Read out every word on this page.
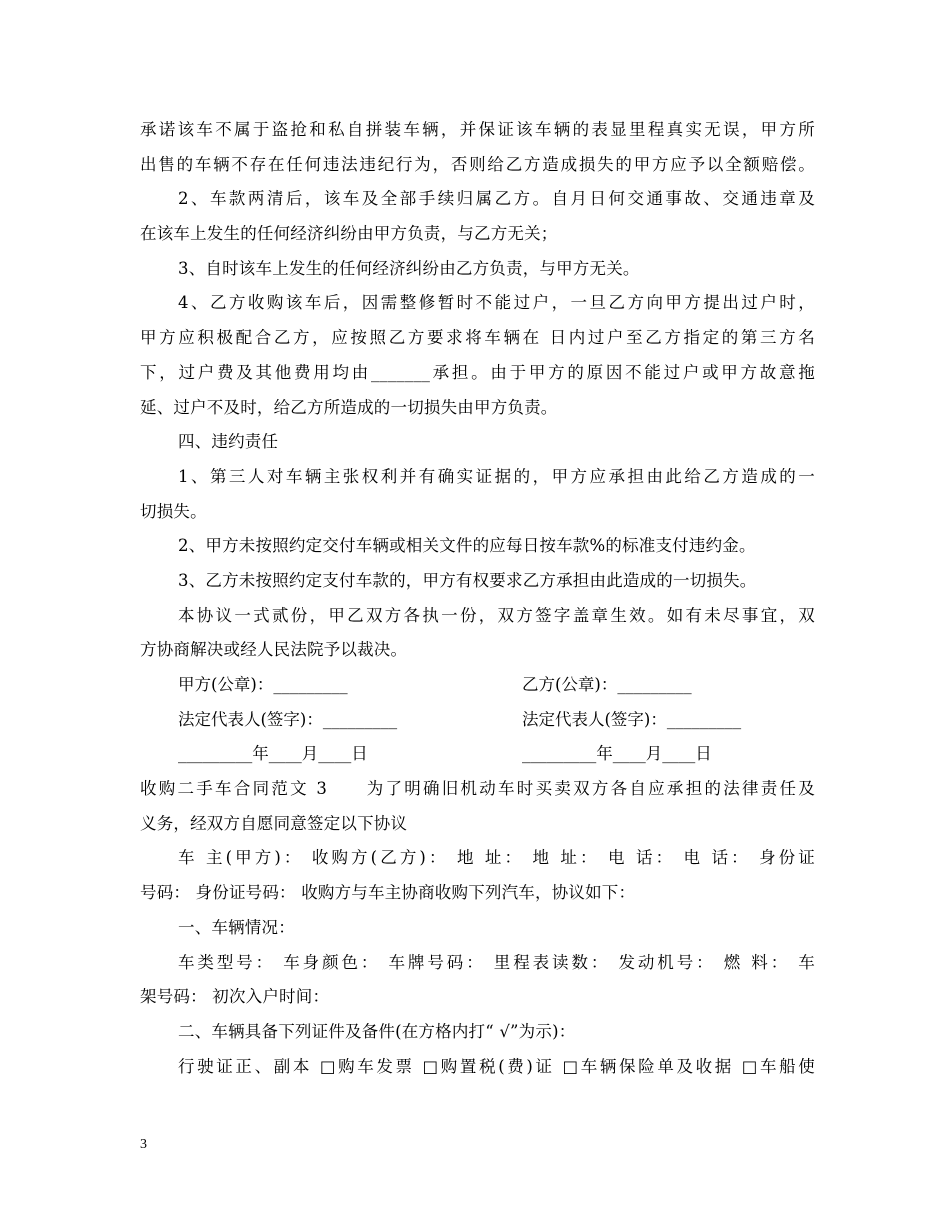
承诺该车不属于盗抢和私自拼装车辆，并保证该车辆的表显里程真实无误，甲方所
出售的车辆不存在任何违法违纪行为，否则给乙方造成损失的甲方应予以全额赔偿。
2、车款两清后，该车及全部手续归属乙方。自月日何交通事故、交通违章及
在该车上发生的任何经济纠纷由甲方负责，与乙方无关；
3、自时该车上发生的任何经济纠纷由乙方负责，与甲方无关。
4、乙方收购该车后，因需整修暂时不能过户，一旦乙方向甲方提出过户时，
甲方应积极配合乙方，应按照乙方要求将车辆在 日内过户至乙方指定的第三方名
下，过户费及其他费用均由_______承担。由于甲方的原因不能过户或甲方故意拖
延、过户不及时，给乙方所造成的一切损失由甲方负责。
四、违约责任
1、第三人对车辆主张权利并有确实证据的，甲方应承担由此给乙方造成的一
切损失。
2、甲方未按照约定交付车辆或相关文件的应每日按车款%的标准支付违约金。
3、乙方未按照约定支付车款的，甲方有权要求乙方承担由此造成的一切损失。
本协议一式贰份，甲乙双方各执一份，双方签字盖章生效。如有未尽事宜，双
方协商解决或经人民法院予以裁决。
甲方(公章)：_________	乙方(公章)：_________
法定代表人(签字)：_________	法定代表人(签字)：_________
_________年____月____日	_________年____月____日
收购二手车合同范文 3　　为了明确旧机动车时买卖双方各自应承担的法律责任及
义务，经双方自愿同意签定以下协议
车 主(甲方)： 收购方(乙方)： 地 址： 地 址： 电 话： 电 话： 身份证
号码： 身份证号码： 收购方与车主协商收购下列汽车，协议如下：
一、车辆情况：
车类型号： 车身颜色： 车牌号码： 里程表读数： 发动机号： 燃 料： 车
架号码： 初次入户时间：
二、车辆具备下列证件及备件(在方格内打“ √”为示)：
行驶证正、副本 □购车发票 □购置税(费)证 □车辆保险单及收据 □车船使
3
